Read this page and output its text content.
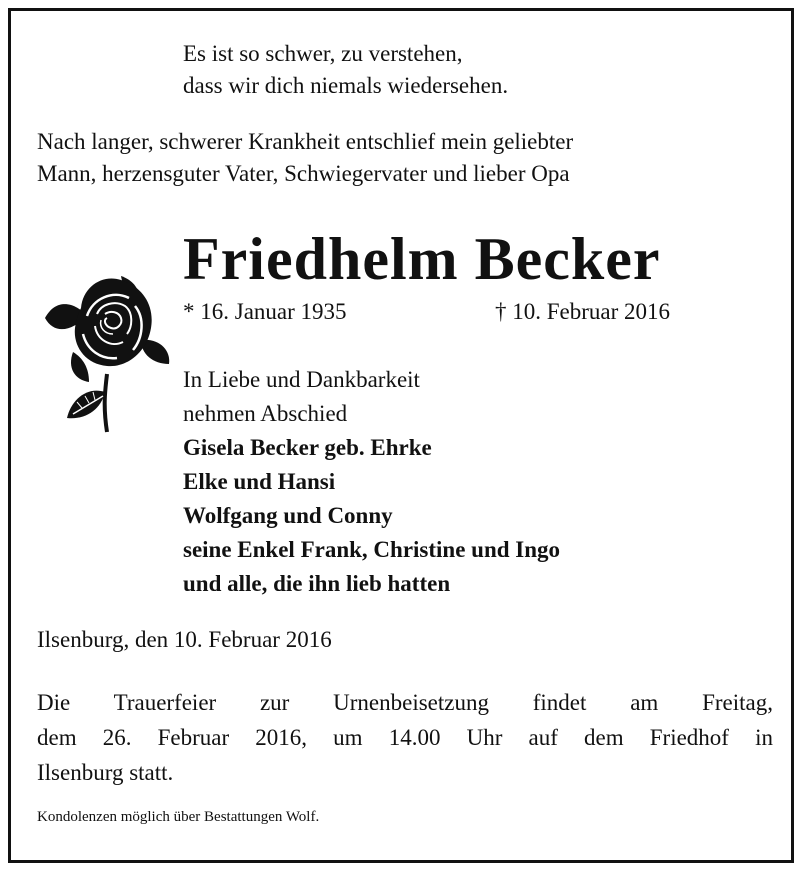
Es ist so schwer, zu verstehen,
dass wir dich niemals wiedersehen.
Nach langer, schwerer Krankheit entschlief mein geliebter
Mann, herzensguter Vater, Schwiegervater und lieber Opa
Friedhelm Becker
* 16. Januar 1935	† 10. Februar 2016
In Liebe und Dankbarkeit
nehmen Abschied
Gisela Becker geb. Ehrke
Elke und Hansi
Wolfgang und Conny
seine Enkel Frank, Christine und Ingo
und alle, die ihn lieb hatten
Ilsenburg, den 10. Februar 2016
Die Trauerfeier zur Urnenbeisetzung findet am Freitag,
dem 26. Februar 2016, um 14.00 Uhr auf dem Friedhof in
Ilsenburg statt.
Kondolenzen möglich über Bestattungen Wolf.
